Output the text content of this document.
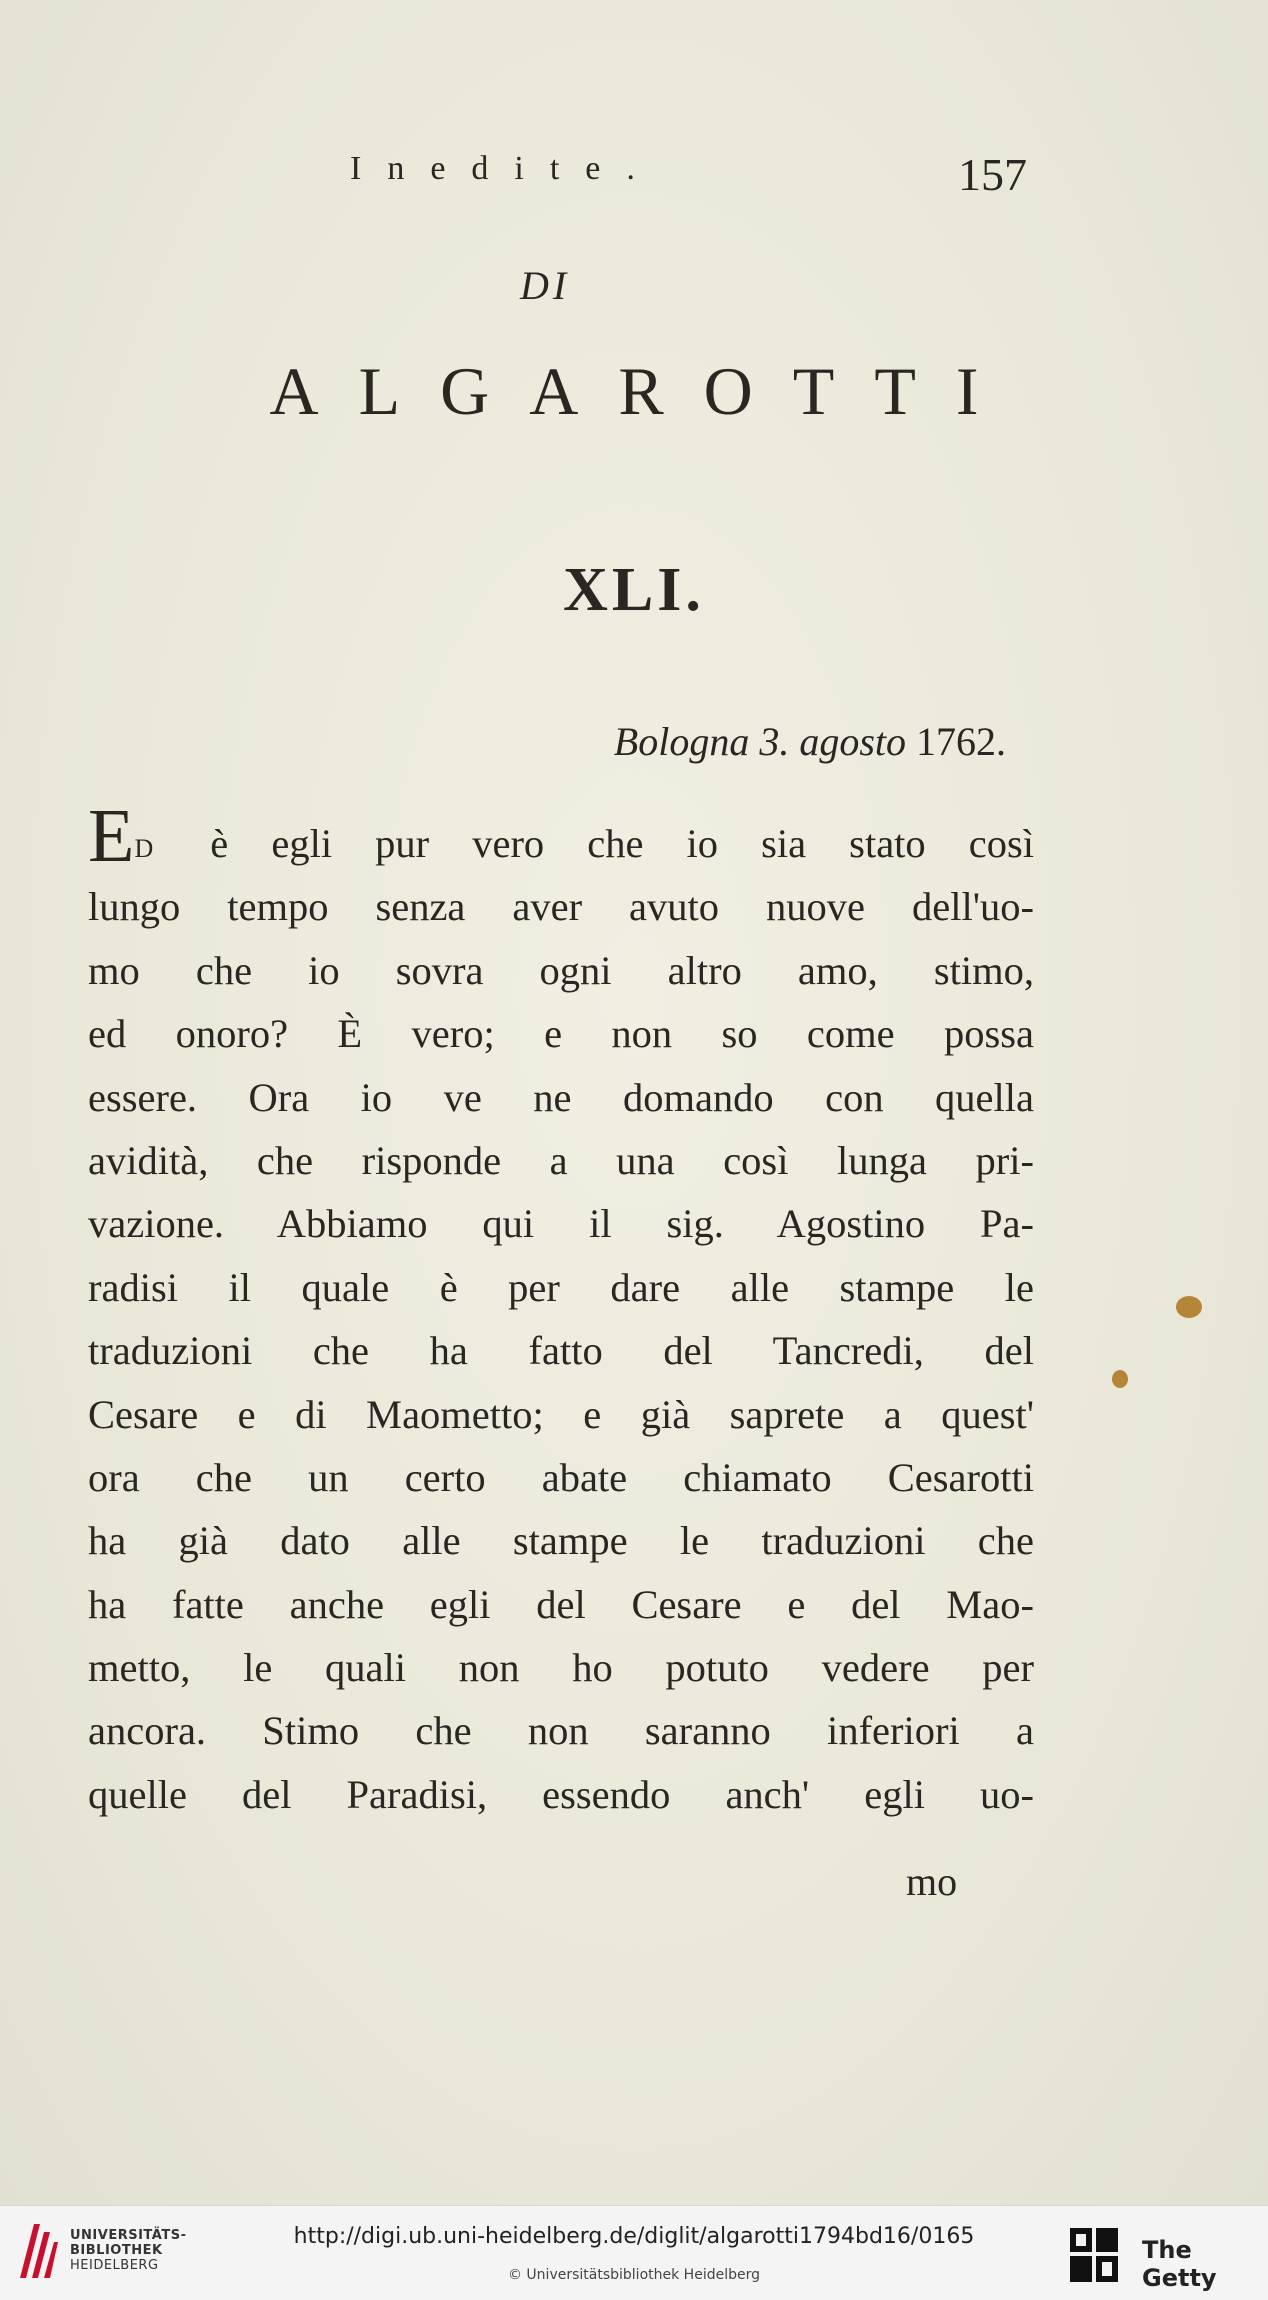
Inedite.	157
DI
ALGAROTTI
XLI.
Bologna 3. agosto 1762.
ED è egli pur vero che io sia stato così
lungo tempo senza aver avuto nuove dell'uo-
mo che io sovra ogni altro amo, stimo,
ed onoro? È vero; e non so come possa
essere. Ora io ve ne domando con quella
avidità, che risponde a una così lunga pri-
vazione. Abbiamo qui il sig. Agostino Pa-
radisi il quale è per dare alle stampe le
traduzioni che ha fatto del Tancredi, del
Cesare e di Maometto; e già saprete a quest'
ora che un certo abate chiamato Cesarotti
ha già dato alle stampe le traduzioni che
ha fatte anche egli del Cesare e del Mao-
metto, le quali non ho potuto vedere per
ancora. Stimo che non saranno inferiori a
quelle del Paradisi, essendo anch' egli uo-
mo
UNIVERSITÄTS-
BIBLIOTHEK
HEIDELBERG
http://digi.ub.uni-heidelberg.de/diglit/algarotti1794bd16/0165
© Universitätsbibliothek Heidelberg
The Getty
